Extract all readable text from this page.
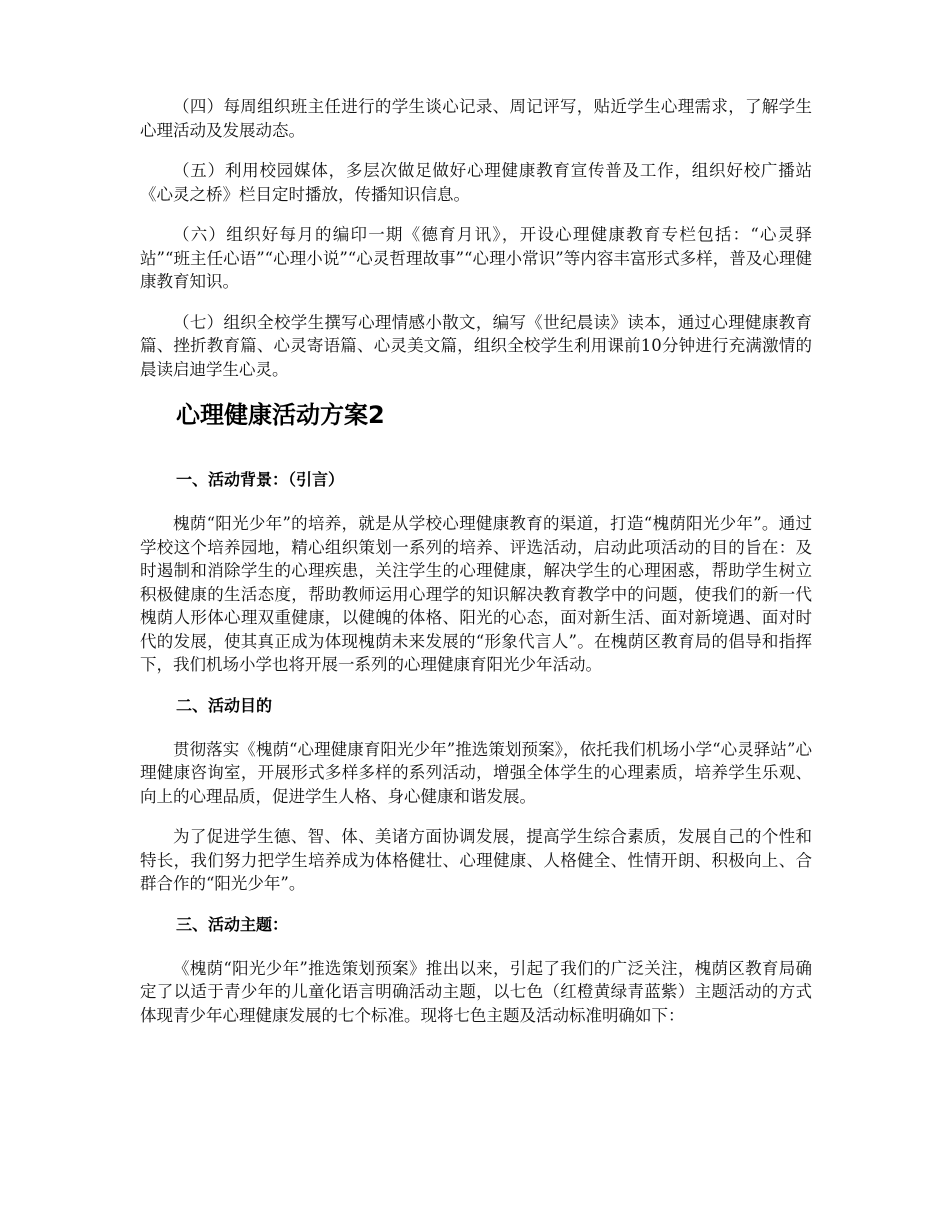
（四）每周组织班主任进行的学生谈心记录、周记评写，贴近学生心理需求，了解学生心理活动及发展动态。

（五）利用校园媒体，多层次做足做好心理健康教育宣传普及工作，组织好校广播站《心灵之桥》栏目定时播放，传播知识信息。

（六）组织好每月的编印一期《德育月讯》，开设心理健康教育专栏包括：“心灵驿站”“班主任心语”“心理小说”“心灵哲理故事”“心理小常识”等内容丰富形式多样，普及心理健康教育知识。

（七）组织全校学生撰写心理情感小散文，编写《世纪晨读》读本，通过心理健康教育篇、挫折教育篇、心灵寄语篇、心灵美文篇，组织全校学生利用课前10分钟进行充满激情的晨读启迪学生心灵。

心理健康活动方案2
一、活动背景：（引言）

槐荫“阳光少年”的培养，就是从学校心理健康教育的渠道，打造“槐荫阳光少年”。通过学校这个培养园地，精心组织策划一系列的培养、评选活动，启动此项活动的目的旨在：及时遏制和消除学生的心理疾患，关注学生的心理健康，解决学生的心理困惑，帮助学生树立积极健康的生活态度，帮助教师运用心理学的知识解决教育教学中的问题，使我们的新一代槐荫人形体心理双重健康，以健魄的体格、阳光的心态，面对新生活、面对新境遇、面对时代的发展，使其真正成为体现槐荫未来发展的“形象代言人”。在槐荫区教育局的倡导和指挥下，我们机场小学也将开展一系列的心理健康育阳光少年活动。

二、活动目的

贯彻落实《槐荫“心理健康育阳光少年”推选策划预案》，依托我们机场小学“心灵驿站”心理健康咨询室，开展形式多样多样的系列活动，增强全体学生的心理素质，培养学生乐观、向上的心理品质，促进学生人格、身心健康和谐发展。

为了促进学生德、智、体、美诸方面协调发展，提高学生综合素质，发展自己的个性和特长，我们努力把学生培养成为体格健壮、心理健康、人格健全、性情开朗、积极向上、合群合作的“阳光少年”。

三、活动主题：

《槐荫“阳光少年”推选策划预案》推出以来，引起了我们的广泛关注，槐荫区教育局确定了以适于青少年的儿童化语言明确活动主题，以七色（红橙黄绿青蓝紫）主题活动的方式体现青少年心理健康发展的七个标准。现将七色主题及活动标准明确如下：
